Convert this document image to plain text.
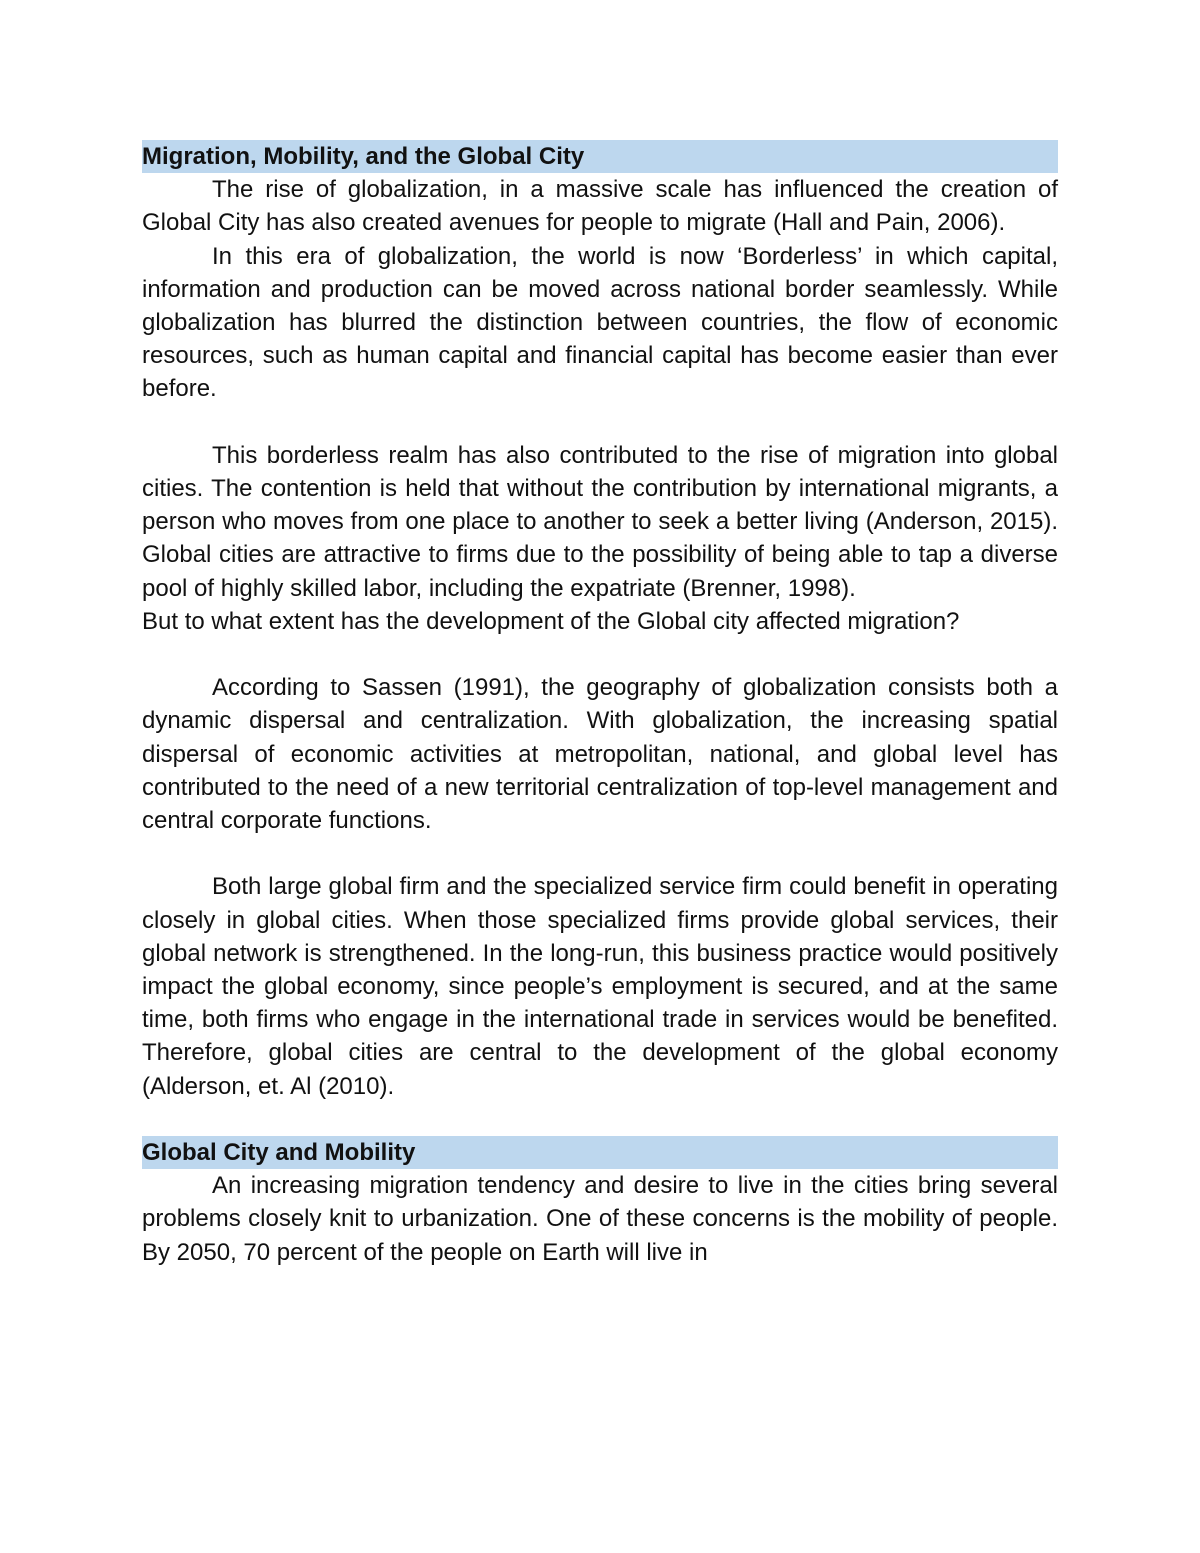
Migration, Mobility, and the Global City

The rise of globalization, in a massive scale has influenced the creation of Global City has also created avenues for people to migrate (Hall and Pain, 2006).

In this era of globalization, the world is now ‘Borderless’ in which capital, information and production can be moved across national border seamlessly. While globalization has blurred the distinction between countries, the flow of economic resources, such as human capital and financial capital has become easier than ever before.

This borderless realm has also contributed to the rise of migration into global cities. The contention is held that without the contribution by international migrants, a person who moves from one place to another to seek a better living (Anderson, 2015). Global cities are attractive to firms due to the possibility of being able to tap a diverse pool of highly skilled labor, including the expatriate (Brenner, 1998).

But to what extent has the development of the Global city affected migration?

According to Sassen (1991), the geography of globalization consists both a dynamic dispersal and centralization. With globalization, the increasing spatial dispersal of economic activities at metropolitan, national, and global level has contributed to the need of a new territorial centralization of top-level management and central corporate functions.

Both large global firm and the specialized service firm could benefit in operating closely in global cities. When those specialized firms provide global services, their global network is strengthened. In the long-run, this business practice would positively impact the global economy, since people’s employment is secured, and at the same time, both firms who engage in the international trade in services would be benefited. Therefore, global cities are central to the development of the global economy (Alderson, et. Al (2010).

Global City and Mobility

An increasing migration tendency and desire to live in the cities bring several problems closely knit to urbanization. One of these concerns is the mobility of people. By 2050, 70 percent of the people on Earth will live in
